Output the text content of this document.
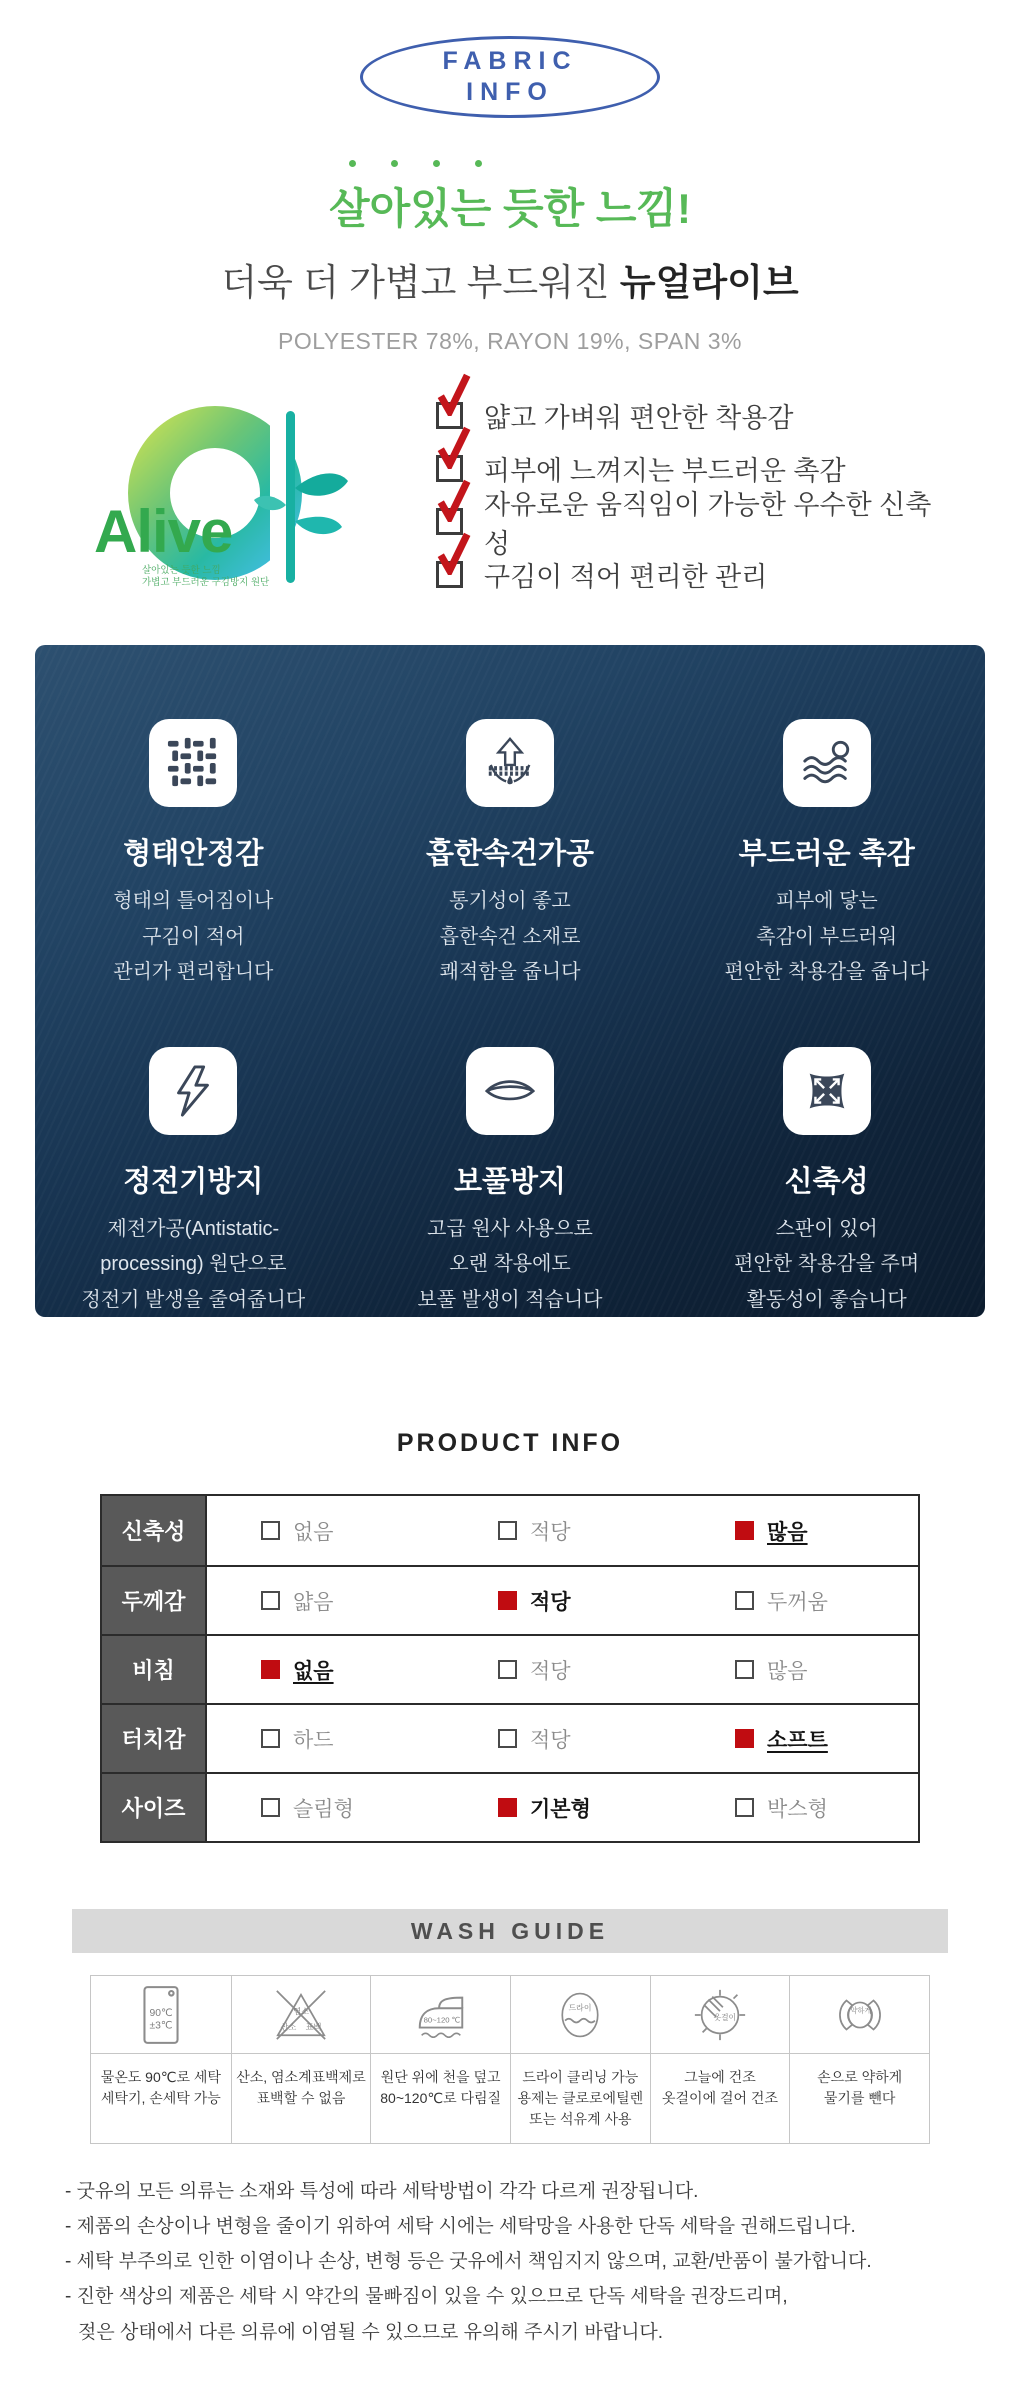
FABRIC
INFO
살아있는 듯한 느낌!
더욱 더 가볍고 부드워진 뉴얼라이브
POLYESTER 78%, RAYON 19%, SPAN 3%
Alive
살아있는 듯한 느낌
가볍고 부드러운 구김방지 원단
얇고 가벼워 편안한 착용감
피부에 느껴지는 부드러운 촉감
자유로운 움직임이 가능한 우수한 신축성
구김이 적어 편리한 관리
형태안정감
형태의 틀어짐이나
구김이 적어
관리가 편리합니다
흡한속건가공
통기성이 좋고
흡한속건 소재로
쾌적함을 줍니다
부드러운 촉감
피부에 닿는
촉감이 부드러워
편안한 착용감을 줍니다
정전기방지
제전가공(Antistatic-
processing) 원단으로
정전기 발생을 줄여줍니다
보풀방지
고급 원사 사용으로
오랜 착용에도
보풀 발생이 적습니다
신축성
스판이 있어
편안한 착용감을 주며
활동성이 좋습니다
PRODUCT INFO
신축성	없음	적당	많음
두께감	얇음	적당	두꺼움
비침	없음	적당	많음
터치감	하드	적당	소프트
사이즈	슬림형	기본형	박스형
WASH GUIDE
90℃
±3℃
물온도 90℃로 세탁
세탁기, 손세탁 가능
염소
산소 표백
산소, 염소계표백제로
표백할 수 없음
80~120 ℃
원단 위에 천을 덮고
80~120℃로 다림질
드라이
드라이 클리닝 가능
용제는 클로로에틸렌
또는 석유계 사용
옷걸이
그늘에 건조
옷걸이에 걸어 건조
약하게
손으로 약하게
물기를 뺀다
- 굿유의 모든 의류는 소재와 특성에 따라 세탁방법이 각각 다르게 권장됩니다.
- 제품의 손상이나 변형을 줄이기 위하여 세탁 시에는 세탁망을 사용한 단독 세탁을 권해드립니다.
- 세탁 부주의로 인한 이염이나 손상, 변형 등은 굿유에서 책임지지 않으며, 교환/반품이 불가합니다.
- 진한 색상의 제품은 세탁 시 약간의 물빠짐이 있을 수 있으므로 단독 세탁을 권장드리며,
젖은 상태에서 다른 의류에 이염될 수 있으므로 유의해 주시기 바랍니다.
